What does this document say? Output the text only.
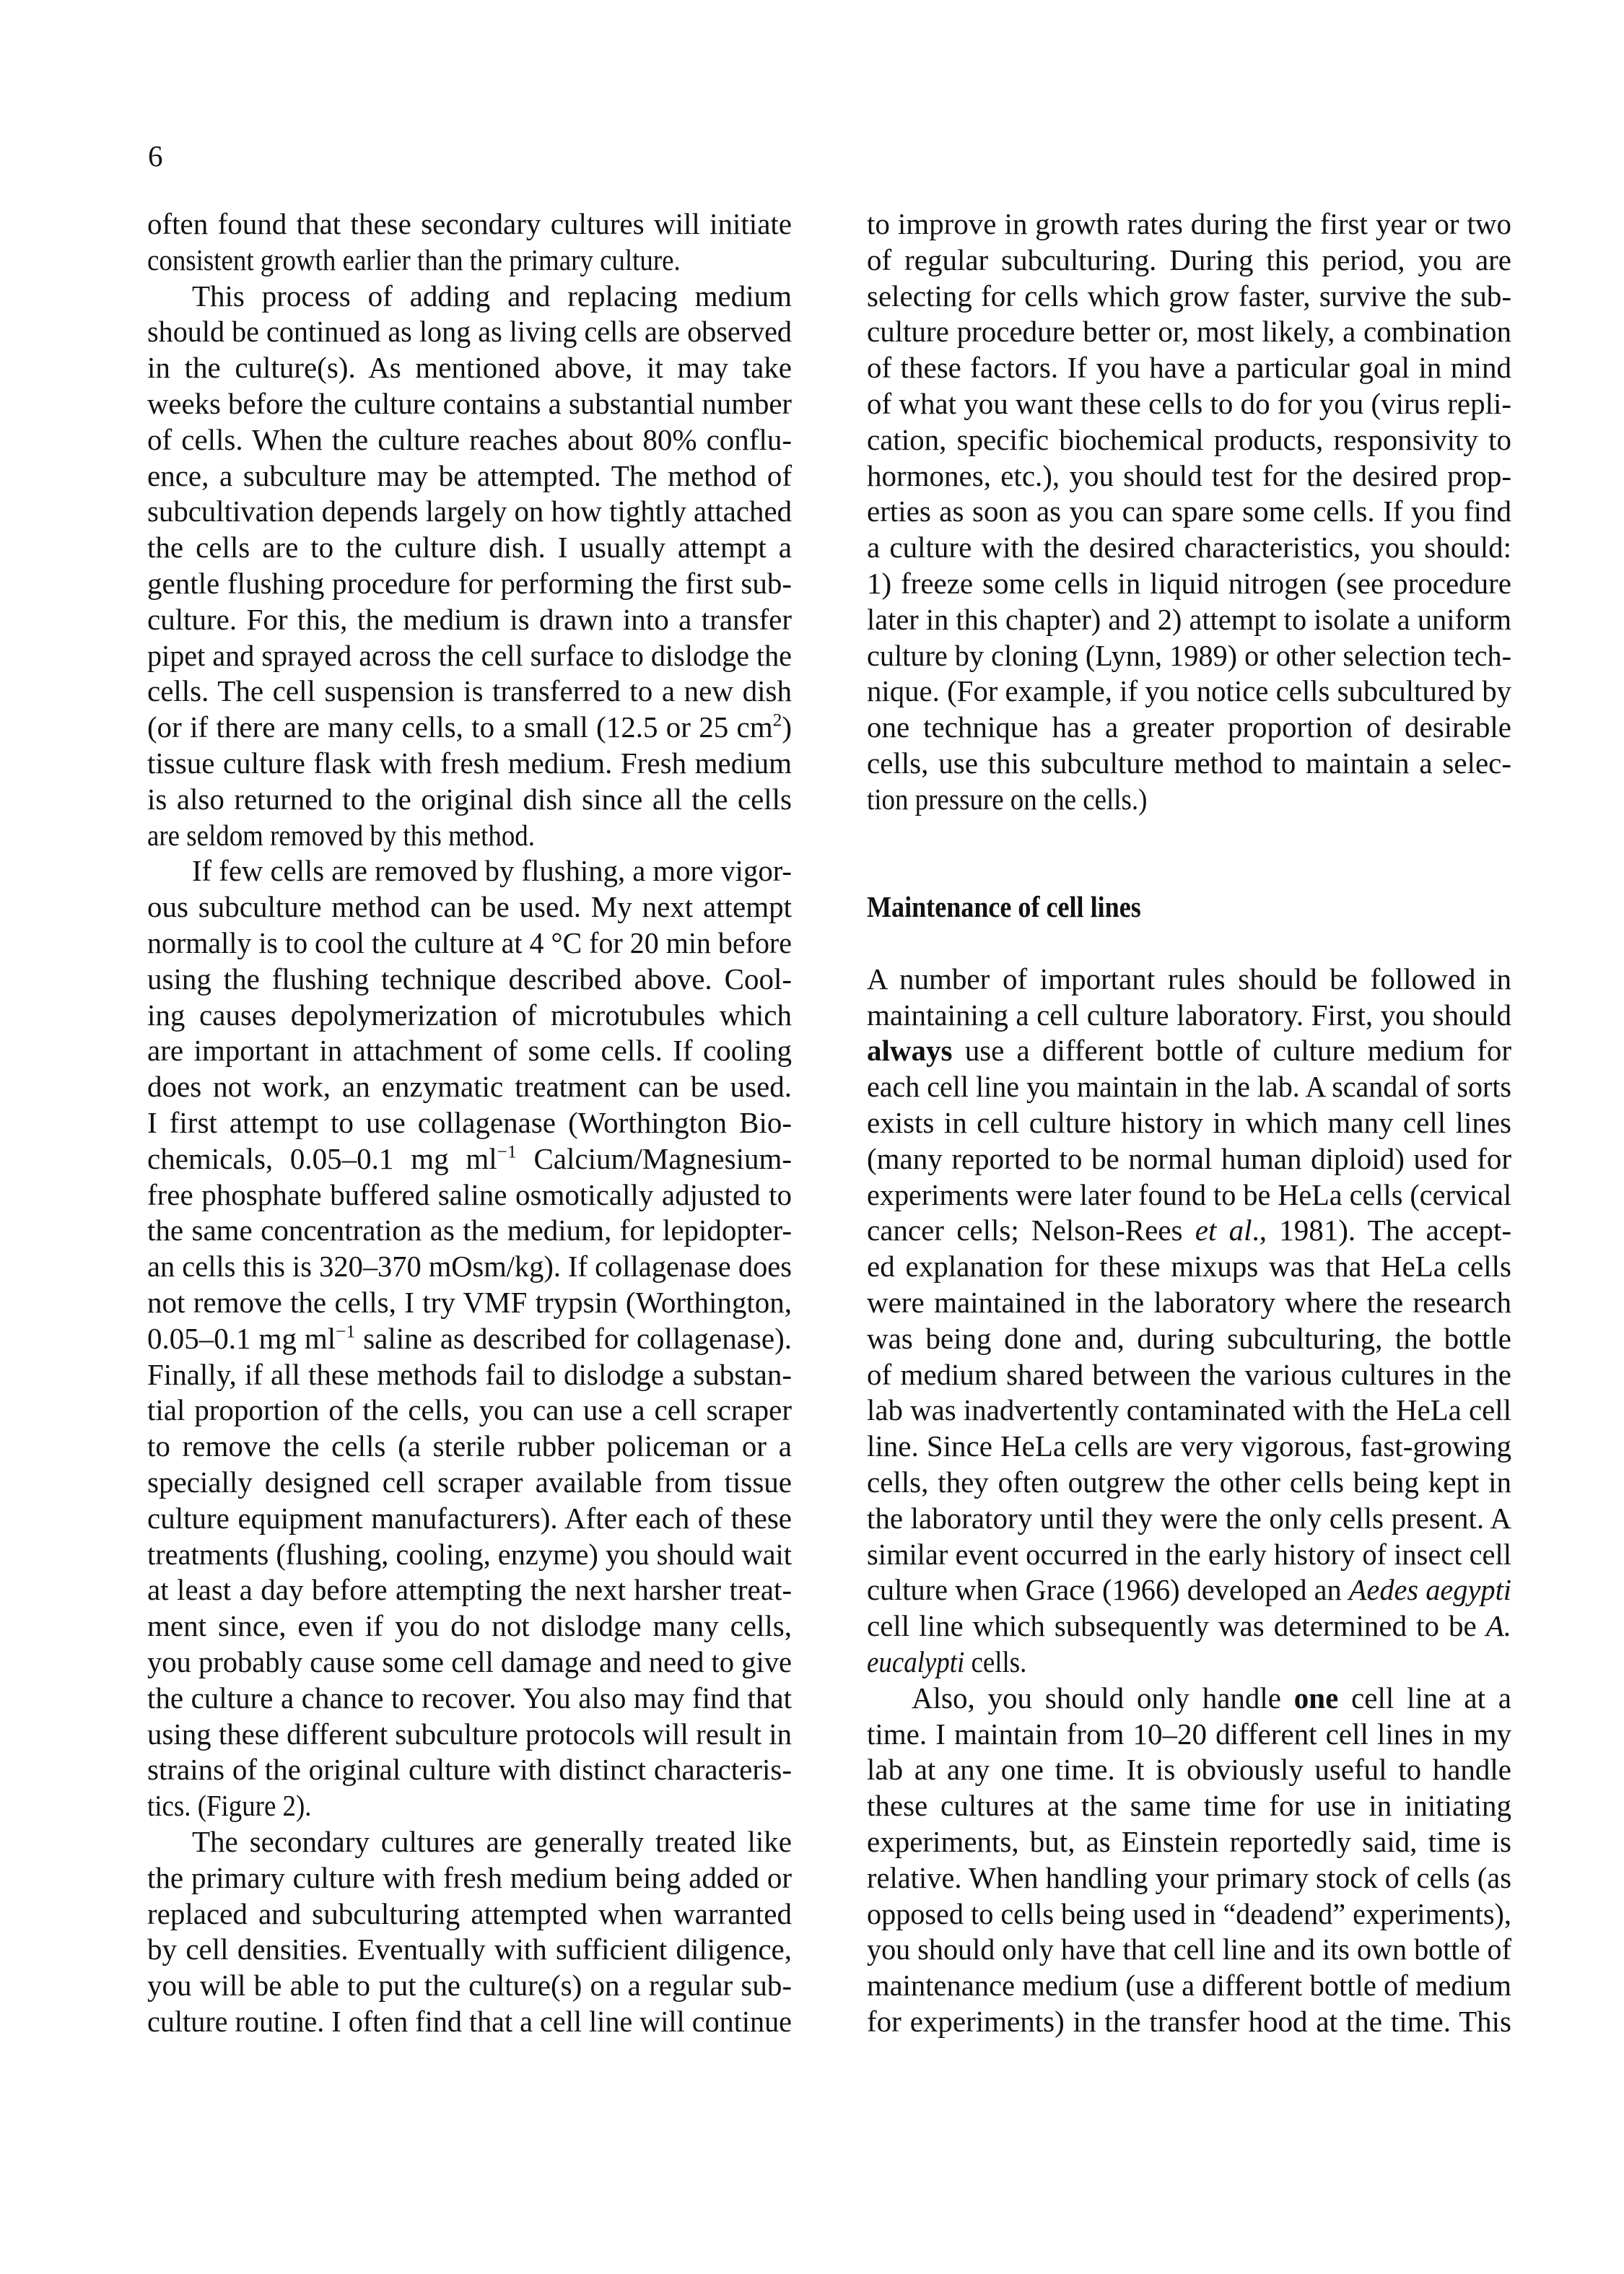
6
often found that these secondary cultures will initiate
consistent growth earlier than the primary culture.
This process of adding and replacing medium
should be continued as long as living cells are observed
in the culture(s). As mentioned above, it may take
weeks before the culture contains a substantial number
of cells. When the culture reaches about 80% conflu-
ence, a subculture may be attempted. The method of
subcultivation depends largely on how tightly attached
the cells are to the culture dish. I usually attempt a
gentle flushing procedure for performing the first sub-
culture. For this, the medium is drawn into a transfer
pipet and sprayed across the cell surface to dislodge the
cells. The cell suspension is transferred to a new dish
(or if there are many cells, to a small (12.5 or 25 $cm^2$)
tissue culture flask with fresh medium. Fresh medium
is also returned to the original dish since all the cells
are seldom removed by this method.
If few cells are removed by flushing, a more vigor-
ous subculture method can be used. My next attempt
normally is to cool the culture at 4 °C for 20 min before
using the flushing technique described above. Cool-
ing causes depolymerization of microtubules which
are important in attachment of some cells. If cooling
does not work, an enzymatic treatment can be used.
I first attempt to use collagenase (Worthington Bio-
chemicals, 0.05–0.1 mg $ml^{-1}$ Calcium/Magnesium-
free phosphate buffered saline osmotically adjusted to
the same concentration as the medium, for lepidopter-
an cells this is 320–370 mOsm/kg). If collagenase does
not remove the cells, I try VMF trypsin (Worthington,
0.05–0.1 mg $ml^{-1}$ saline as described for collagenase).
Finally, if all these methods fail to dislodge a substan-
tial proportion of the cells, you can use a cell scraper
to remove the cells (a sterile rubber policeman or a
specially designed cell scraper available from tissue
culture equipment manufacturers). After each of these
treatments (flushing, cooling, enzyme) you should wait
at least a day before attempting the next harsher treat-
ment since, even if you do not dislodge many cells,
you probably cause some cell damage and need to give
the culture a chance to recover. You also may find that
using these different subculture protocols will result in
strains of the original culture with distinct characteris-
tics. (Figure 2).
The secondary cultures are generally treated like
the primary culture with fresh medium being added or
replaced and subculturing attempted when warranted
by cell densities. Eventually with sufficient diligence,
you will be able to put the culture(s) on a regular sub-
culture routine. I often find that a cell line will continue
to improve in growth rates during the first year or two
of regular subculturing. During this period, you are
selecting for cells which grow faster, survive the sub-
culture procedure better or, most likely, a combination
of these factors. If you have a particular goal in mind
of what you want these cells to do for you (virus repli-
cation, specific biochemical products, responsivity to
hormones, etc.), you should test for the desired prop-
erties as soon as you can spare some cells. If you find
a culture with the desired characteristics, you should:
1) freeze some cells in liquid nitrogen (see procedure
later in this chapter) and 2) attempt to isolate a uniform
culture by cloning (Lynn, 1989) or other selection tech-
nique. (For example, if you notice cells subcultured by
one technique has a greater proportion of desirable
cells, use this subculture method to maintain a selec-
tion pressure on the cells.)
Maintenance of cell lines
A number of important rules should be followed in
maintaining a cell culture laboratory. First, you should
always use a different bottle of culture medium for
each cell line you maintain in the lab. A scandal of sorts
exists in cell culture history in which many cell lines
(many reported to be normal human diploid) used for
experiments were later found to be HeLa cells (cervical
cancer cells; Nelson-Rees et al., 1981). The accept-
ed explanation for these mixups was that HeLa cells
were maintained in the laboratory where the research
was being done and, during subculturing, the bottle
of medium shared between the various cultures in the
lab was inadvertently contaminated with the HeLa cell
line. Since HeLa cells are very vigorous, fast-growing
cells, they often outgrew the other cells being kept in
the laboratory until they were the only cells present. A
similar event occurred in the early history of insect cell
culture when Grace (1966) developed an Aedes aegypti
cell line which subsequently was determined to be A.
eucalypti cells.
Also, you should only handle one cell line at a
time. I maintain from 10–20 different cell lines in my
lab at any one time. It is obviously useful to handle
these cultures at the same time for use in initiating
experiments, but, as Einstein reportedly said, time is
relative. When handling your primary stock of cells (as
opposed to cells being used in “deadend” experiments),
you should only have that cell line and its own bottle of
maintenance medium (use a different bottle of medium
for experiments) in the transfer hood at the time. This
